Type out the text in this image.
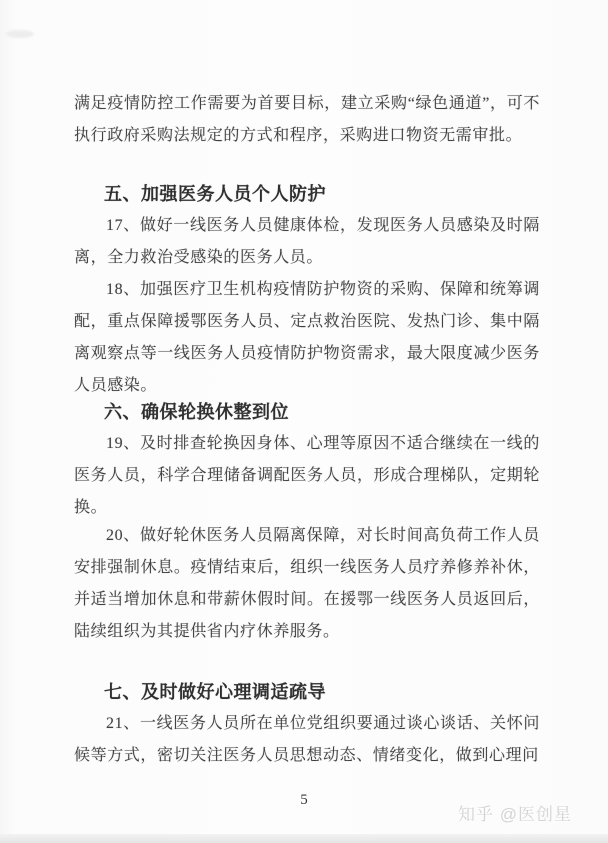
满足疫情防控工作需要为首要目标，建立采购“绿色通道”，可不执行政府采购法规定的方式和程序，采购进口物资无需审批。

五、加强医务人员个人防护

17、做好一线医务人员健康体检，发现医务人员感染及时隔离，全力救治受感染的医务人员。

18、加强医疗卫生机构疫情防护物资的采购、保障和统筹调配，重点保障援鄂医务人员、定点救治医院、发热门诊、集中隔离观察点等一线医务人员疫情防护物资需求，最大限度减少医务人员感染。

六、确保轮换休整到位

19、及时排查轮换因身体、心理等原因不适合继续在一线的医务人员，科学合理储备调配医务人员，形成合理梯队，定期轮换。

20、做好轮休医务人员隔离保障，对长时间高负荷工作人员安排强制休息。疫情结束后，组织一线医务人员疗养修养补休，并适当增加休息和带薪休假时间。在援鄂一线医务人员返回后，陆续组织为其提供省内疗休养服务。

七、及时做好心理调适疏导

21、一线医务人员所在单位党组织要通过谈心谈话、关怀问候等方式，密切关注医务人员思想动态、情绪变化，做到心理问

5
知乎 @医创星
